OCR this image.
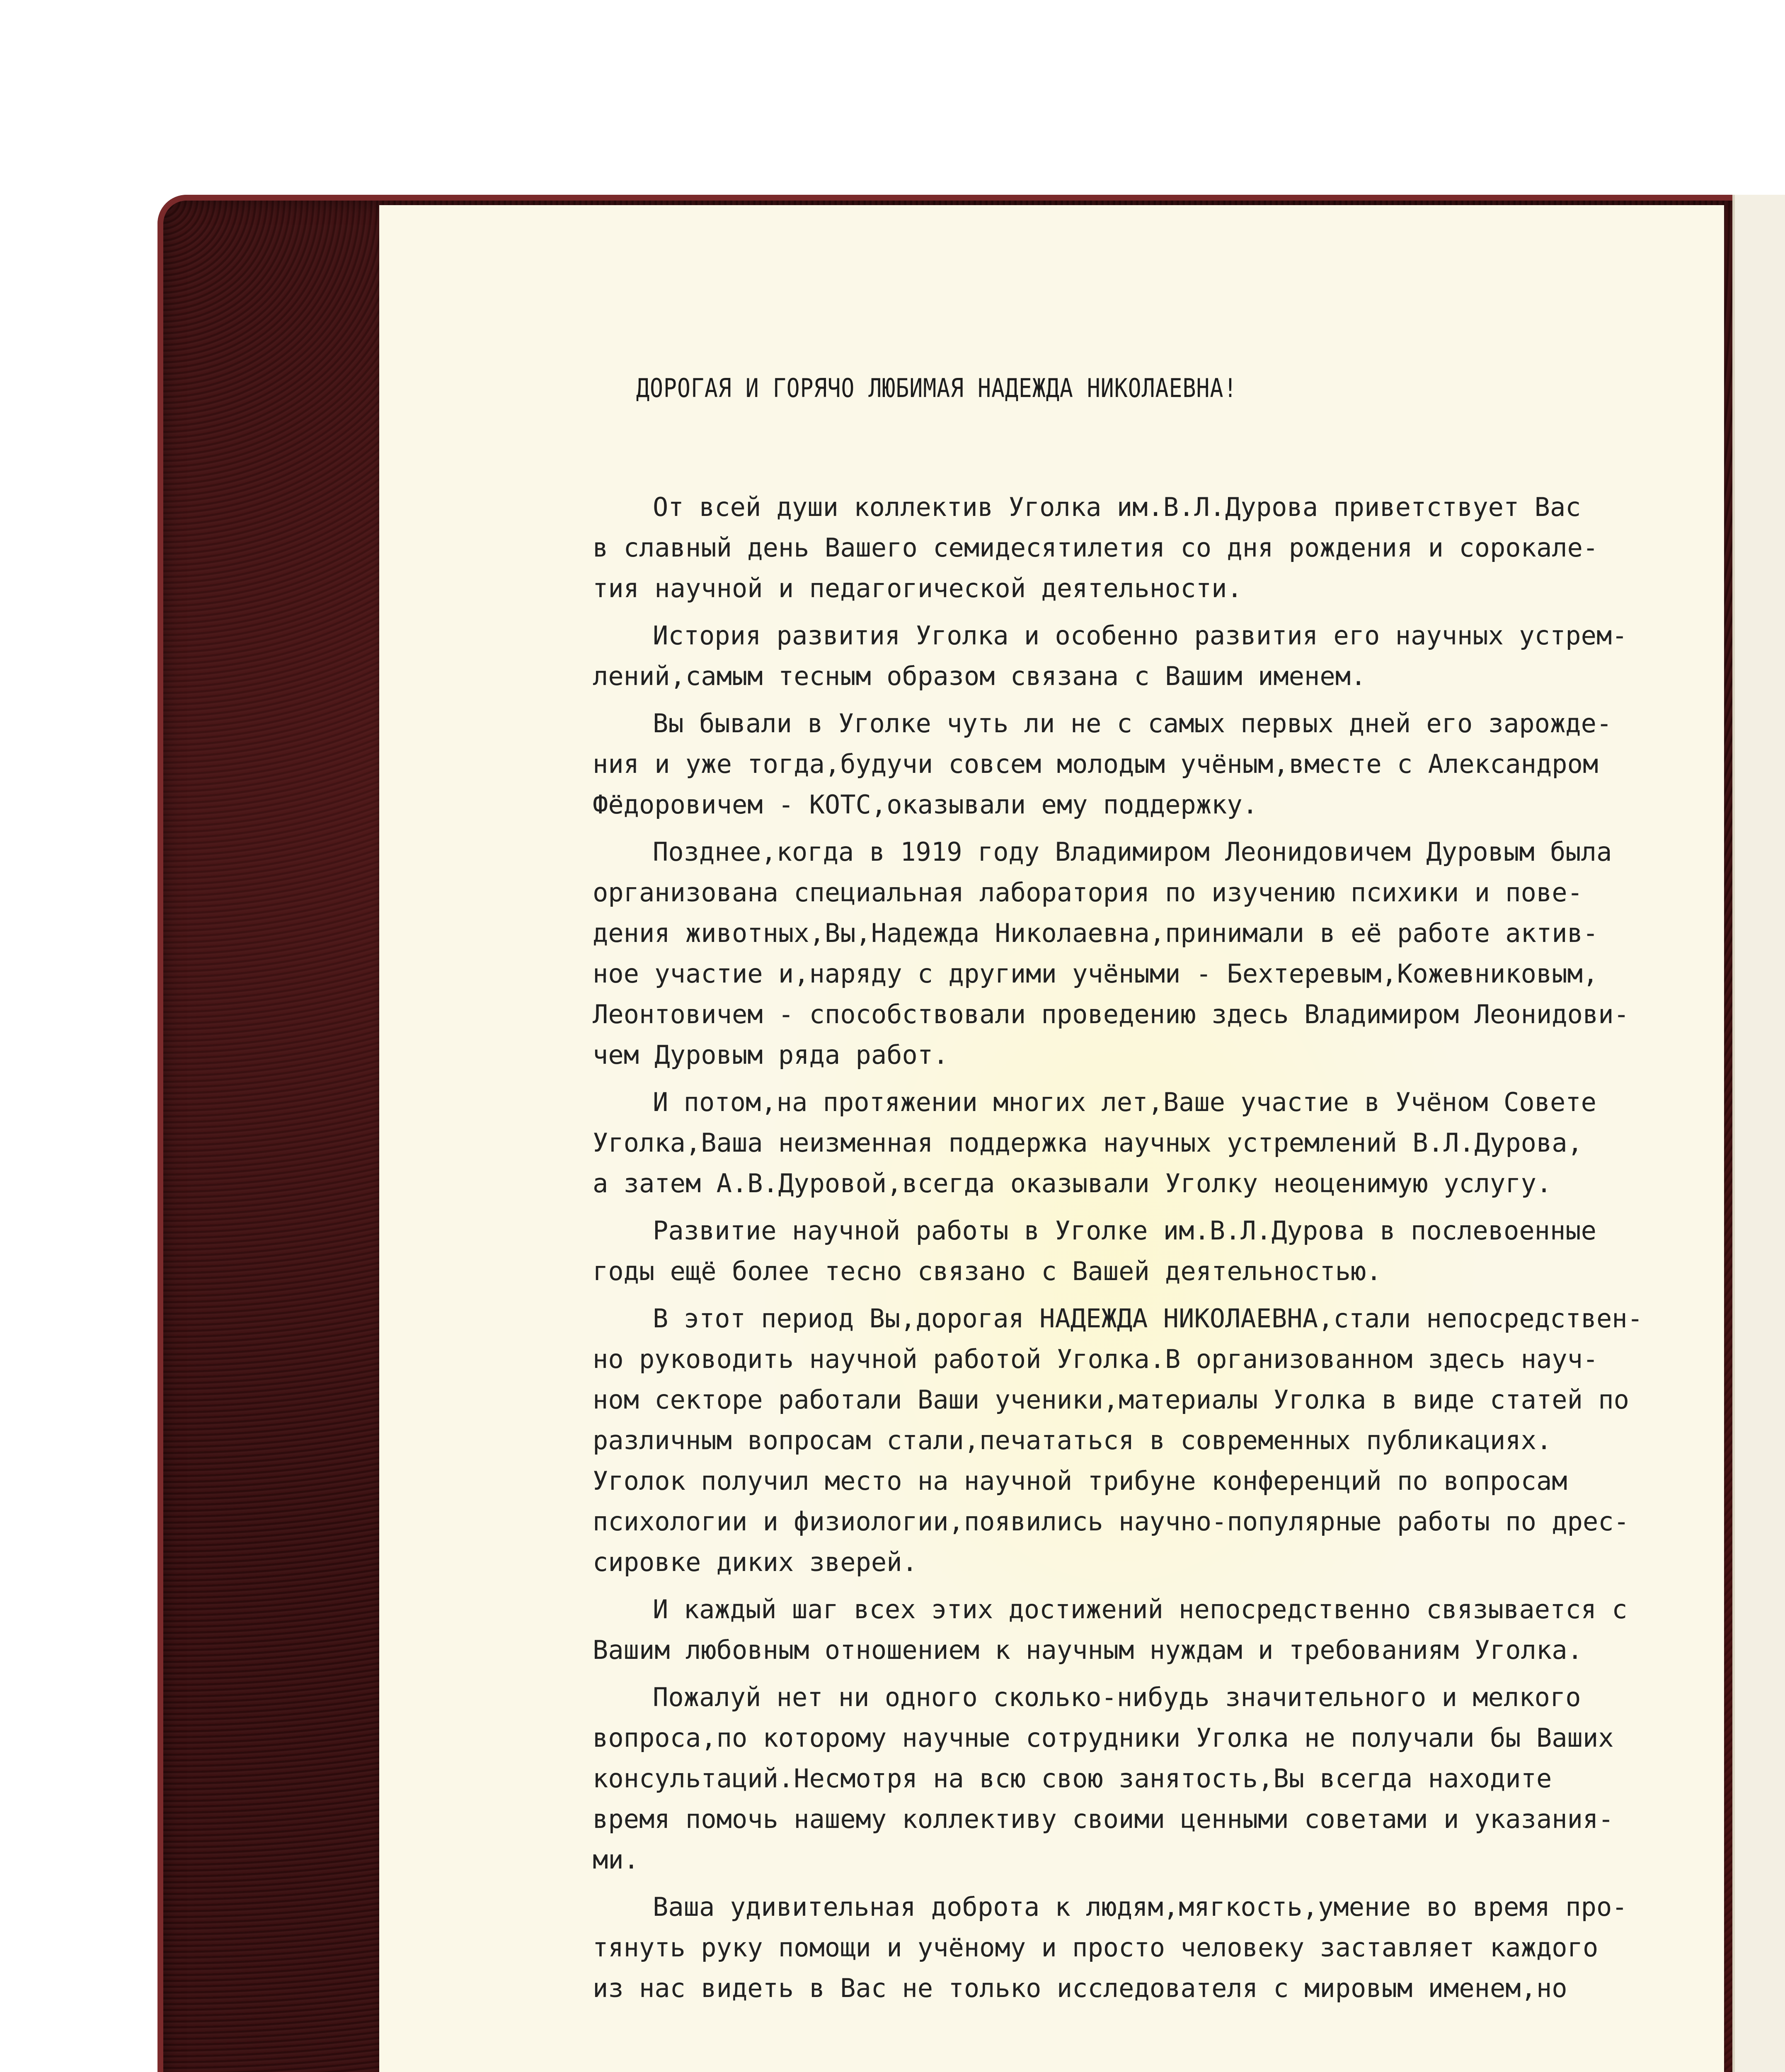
ДОРОГАЯ И ГОРЯЧО ЛЮБИМАЯ НАДЕЖДА НИКОЛАЕВНА!
От всей души коллектив Уголка им.В.Л.Дурова приветствует Вас
в славный день Вашего семидесятилетия со дня рождения и сорокале-
тия научной и педагогической деятельности.
История развития Уголка и особенно развития его научных устрем-
лений,самым тесным образом связана с Вашим именем.
Вы бывали в Уголке чуть ли не с самых первых дней его зарожде-
ния и уже тогда,будучи совсем молодым учёным,вместе с Александром
Фёдоровичем - КОТС,оказывали ему поддержку.
Позднее,когда в 1919 году Владимиром Леонидовичем Дуровым была
организована специальная лаборатория по изучению психики и пове-
дения животных,Вы,Надежда Николаевна,принимали в её работе актив-
ное участие и,наряду с другими учёными - Бехтеревым,Кожевниковым,
Леонтовичем - способствовали проведению здесь Владимиром Леонидови-
чем Дуровым ряда работ.
И потом,на протяжении многих лет,Ваше участие в Учёном Совете
Уголка,Ваша неизменная поддержка научных устремлений В.Л.Дурова,
а затем А.В.Дуровой,всегда оказывали Уголку неоценимую услугу.
Развитие научной работы в Уголке им.В.Л.Дурова в послевоенные
годы ещё более тесно связано с Вашей деятельностью.
В этот период Вы,дорогая НАДЕЖДА НИКОЛАЕВНА,стали непосредствен-
но руководить научной работой Уголка.В организованном здесь науч-
ном секторе работали Ваши ученики,материалы Уголка в виде статей по
различным вопросам стали,печататься в современных публикациях.
Уголок получил место на научной трибуне конференций по вопросам
психологии и физиологии,появились научно-популярные работы по дрес-
сировке диких зверей.
И каждый шаг всех этих достижений непосредственно связывается с
Вашим любовным отношением к научным нуждам и требованиям Уголка.
Пожалуй нет ни одного сколько-нибудь значительного и мелкого
вопроса,по которому научные сотрудники Уголка не получали бы Ваших
консультаций.Несмотря на всю свою занятость,Вы всегда находите
время помочь нашему коллективу своими ценными советами и указания-
ми.
Ваша удивительная доброта к людям,мягкость,умение во время про-
тянуть руку помощи и учёному и просто человеку заставляет каждого
из нас видеть в Вас не только исследователя с мировым именем,но
